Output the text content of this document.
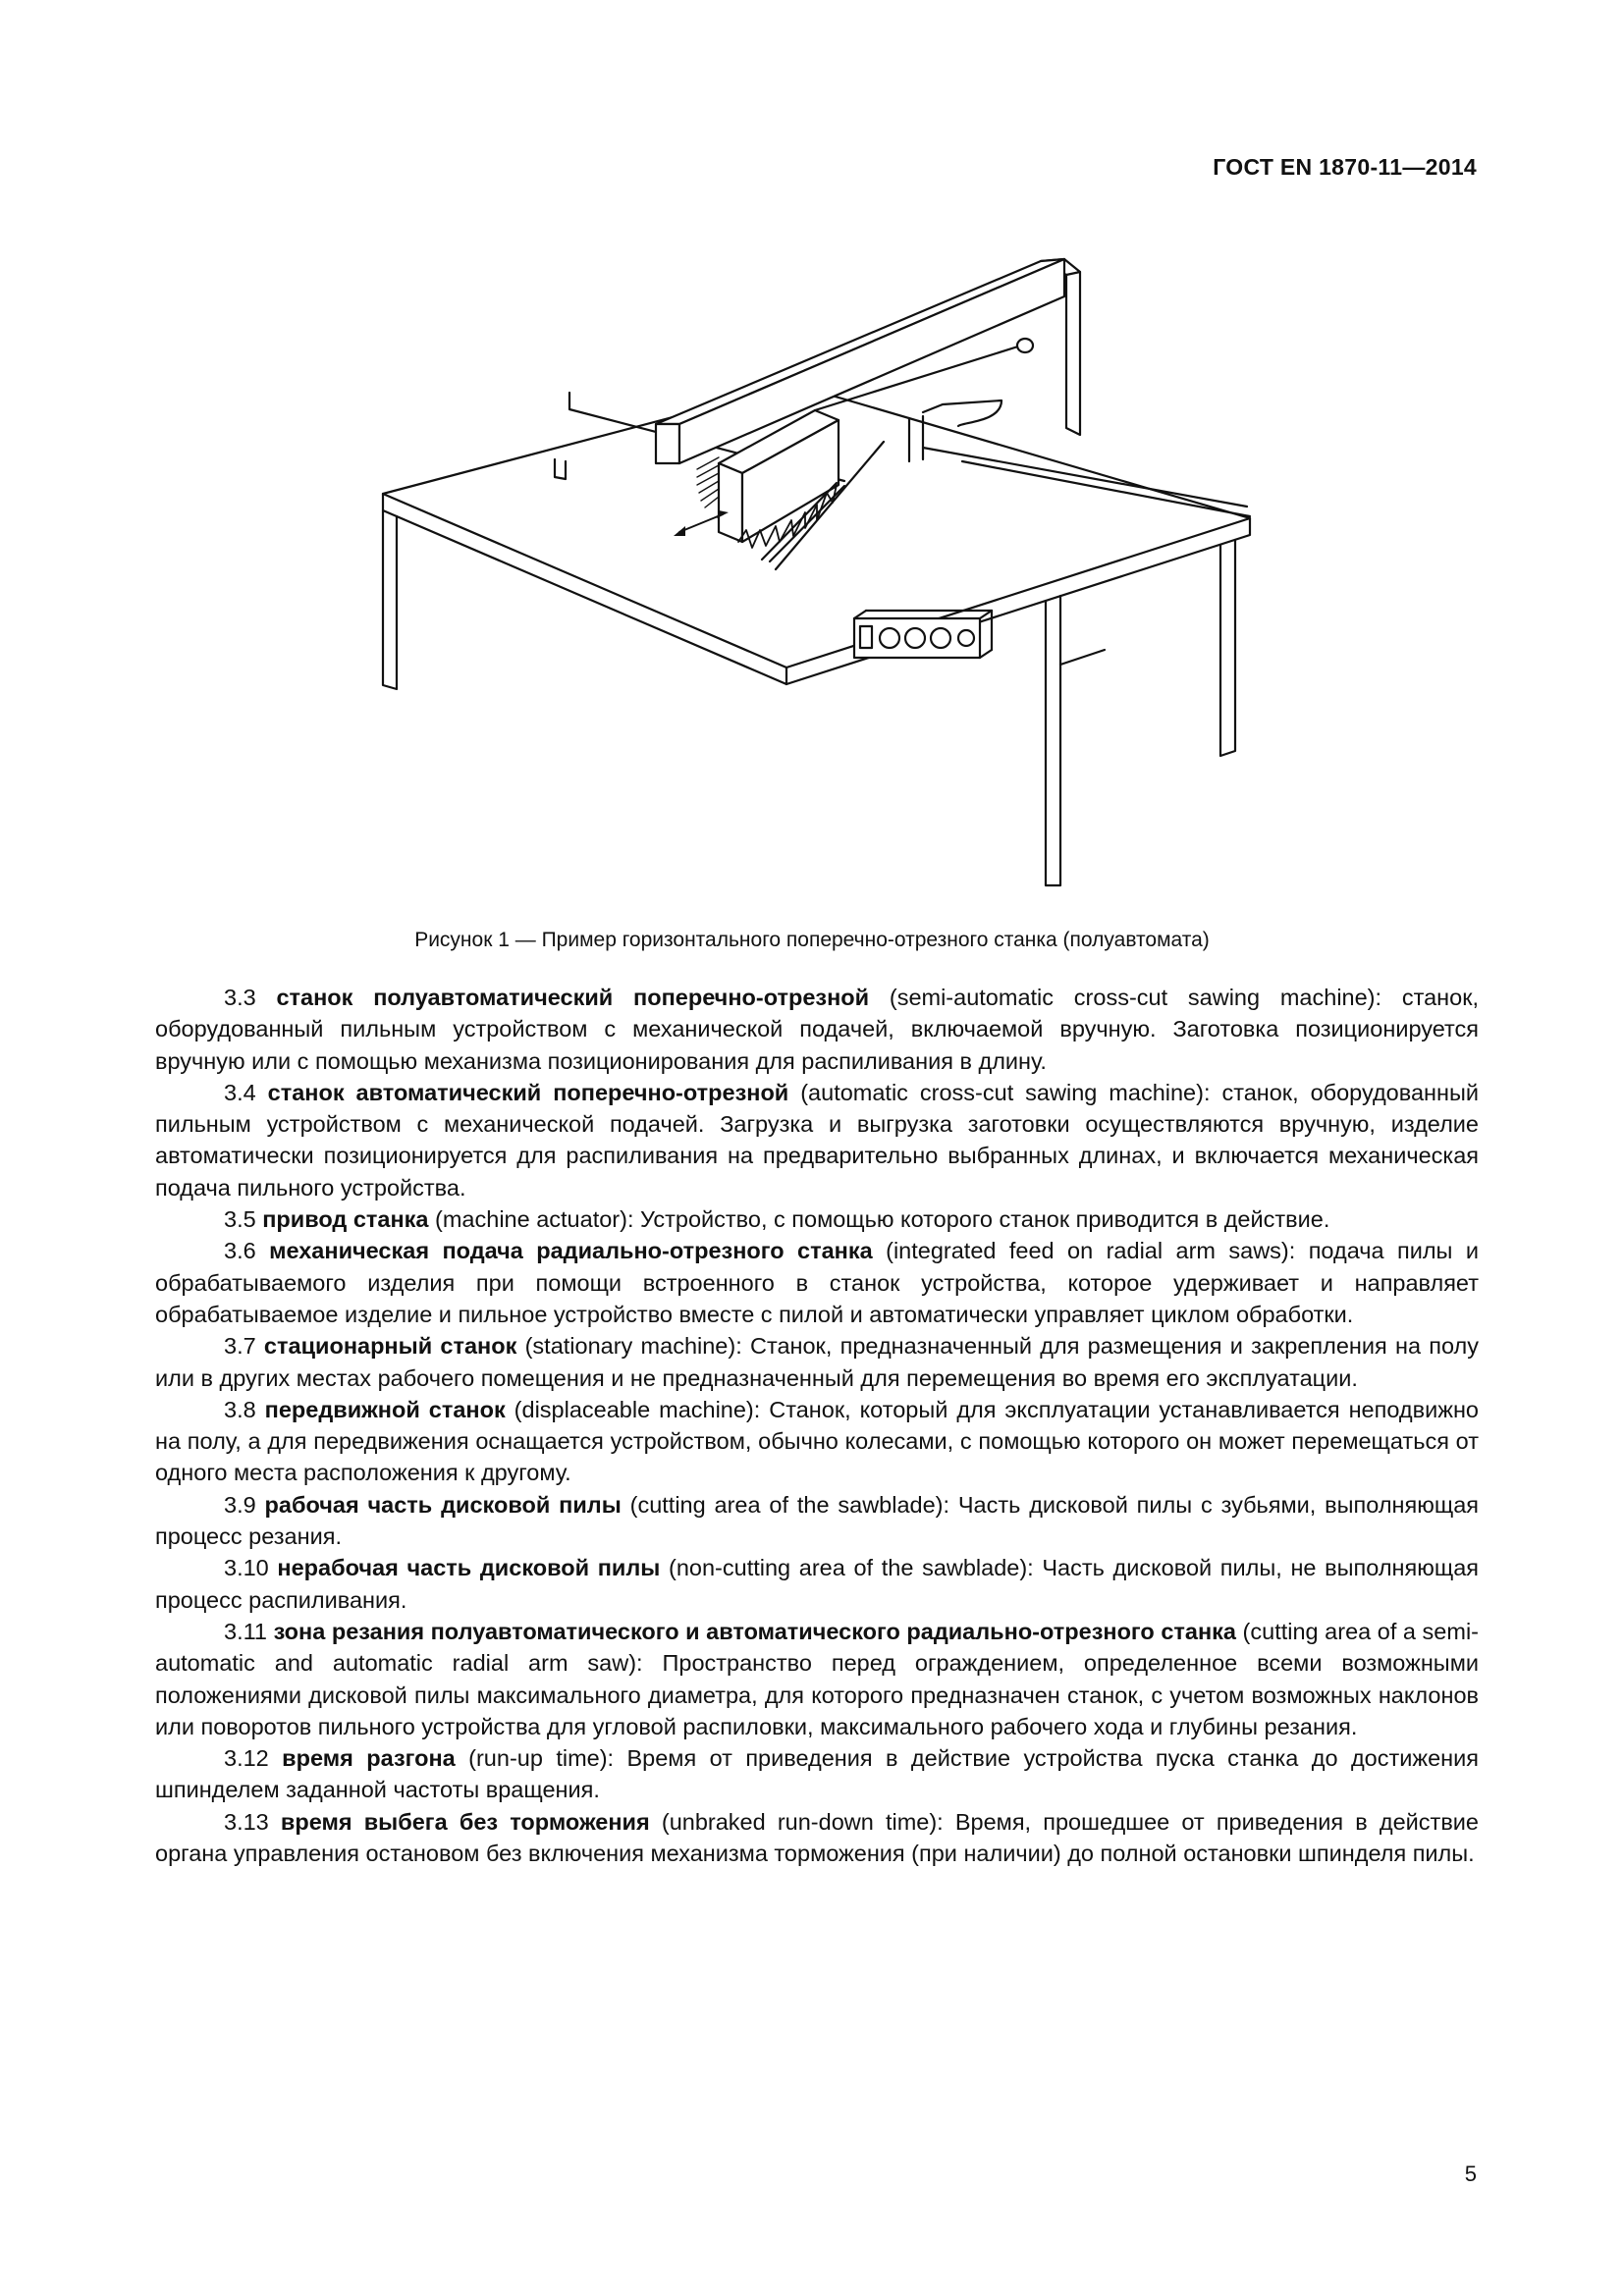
ГОСТ EN 1870-11—2014
Рисунок 1 — Пример горизонтального поперечно-отрезного станка (полуавтомата)

3.3 станок полуавтоматический поперечно-отрезной (semi-automatic cross-cut sawing machine): станок, оборудованный пильным устройством с механической подачей, включаемой вручную. Заготовка позиционируется вручную или с помощью механизма позиционирования для распиливания в длину.

3.4 станок автоматический поперечно-отрезной (automatic cross-cut sawing machine): станок, оборудованный пильным устройством с механической подачей. Загрузка и выгрузка заготовки осуществляются вручную, изделие автоматически позиционируется для распиливания на предварительно выбранных длинах, и включается механическая подача пильного устройства.

3.5 привод станка (machine actuator): Устройство, с помощью которого станок приводится в действие.

3.6 механическая подача радиально-отрезного станка (integrated feed on radial arm saws): подача пилы и обрабатываемого изделия при помощи встроенного в станок устройства, которое удерживает и направляет обрабатываемое изделие и пильное устройство вместе с пилой и автоматически управляет циклом обработки.

3.7 стационарный станок (stationary machine): Станок, предназначенный для размещения и закрепления на полу или в других местах рабочего помещения и не предназначенный для перемещения во время его эксплуатации.

3.8 передвижной станок (displaceable machine): Станок, который для эксплуатации устанавливается неподвижно на полу, а для передвижения оснащается устройством, обычно колесами, с помощью которого он может перемещаться от одного места расположения к другому.

3.9 рабочая часть дисковой пилы (cutting area of the sawblade): Часть дисковой пилы с зубьями, выполняющая процесс резания.

3.10 нерабочая часть дисковой пилы (non-cutting area of the sawblade): Часть дисковой пилы, не выполняющая процесс распиливания.

3.11 зона резания полуавтоматического и автоматического радиально-отрезного станка (cutting area of a semi-automatic and automatic radial arm saw): Пространство перед ограждением, определенное всеми возможными положениями дисковой пилы максимального диаметра, для которого предназначен станок, с учетом возможных наклонов или поворотов пильного устройства для угловой распиловки, максимального рабочего хода и глубины резания.

3.12 время разгона (run-up time): Время от приведения в действие устройства пуска станка до достижения шпинделем заданной частоты вращения.

3.13 время выбега без торможения (unbraked run-down time): Время, прошедшее от приведения в действие органа управления остановом без включения механизма торможения (при наличии) до полной остановки шпинделя пилы.

5
